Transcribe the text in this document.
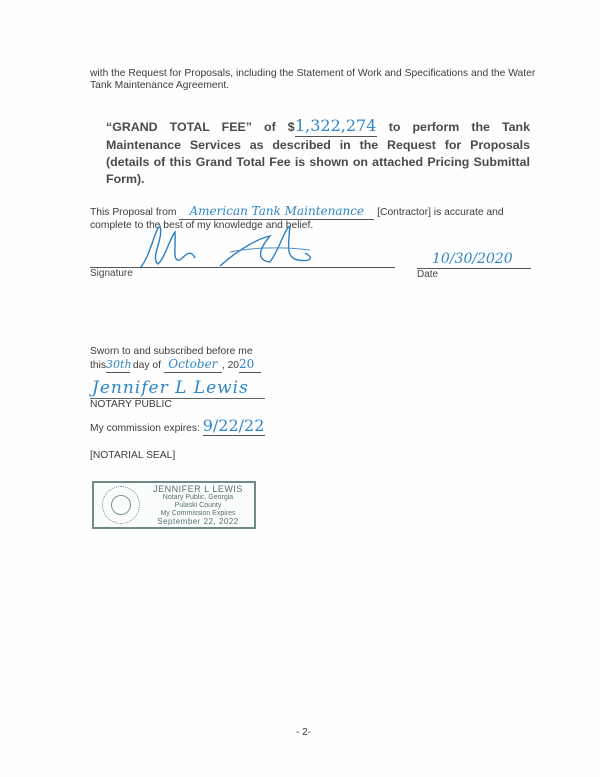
with the Request for Proposals, including the Statement of Work and Specifications and the Water Tank Maintenance Agreement.
“GRAND TOTAL FEE” of $1,322,274 to perform the Tank Maintenance Services as described in the Request for Proposals (details of this Grand Total Fee is shown on attached Pricing Submittal Form).
This Proposal from American Tank Maintenance [Contractor] is accurate and complete to the best of my knowledge and belief.
Signature
10/30/2020
Date
Sworn to and subscribed before me
this30th day of October , 2020
Jennifer L Lewis
NOTARY PUBLIC
My commission expires: 9/22/22
[NOTARIAL SEAL]
JENNIFER L LEWIS
Notary Public, Georgia
Pulaski County
My Commission Expires
September 22, 2022
- 2-
